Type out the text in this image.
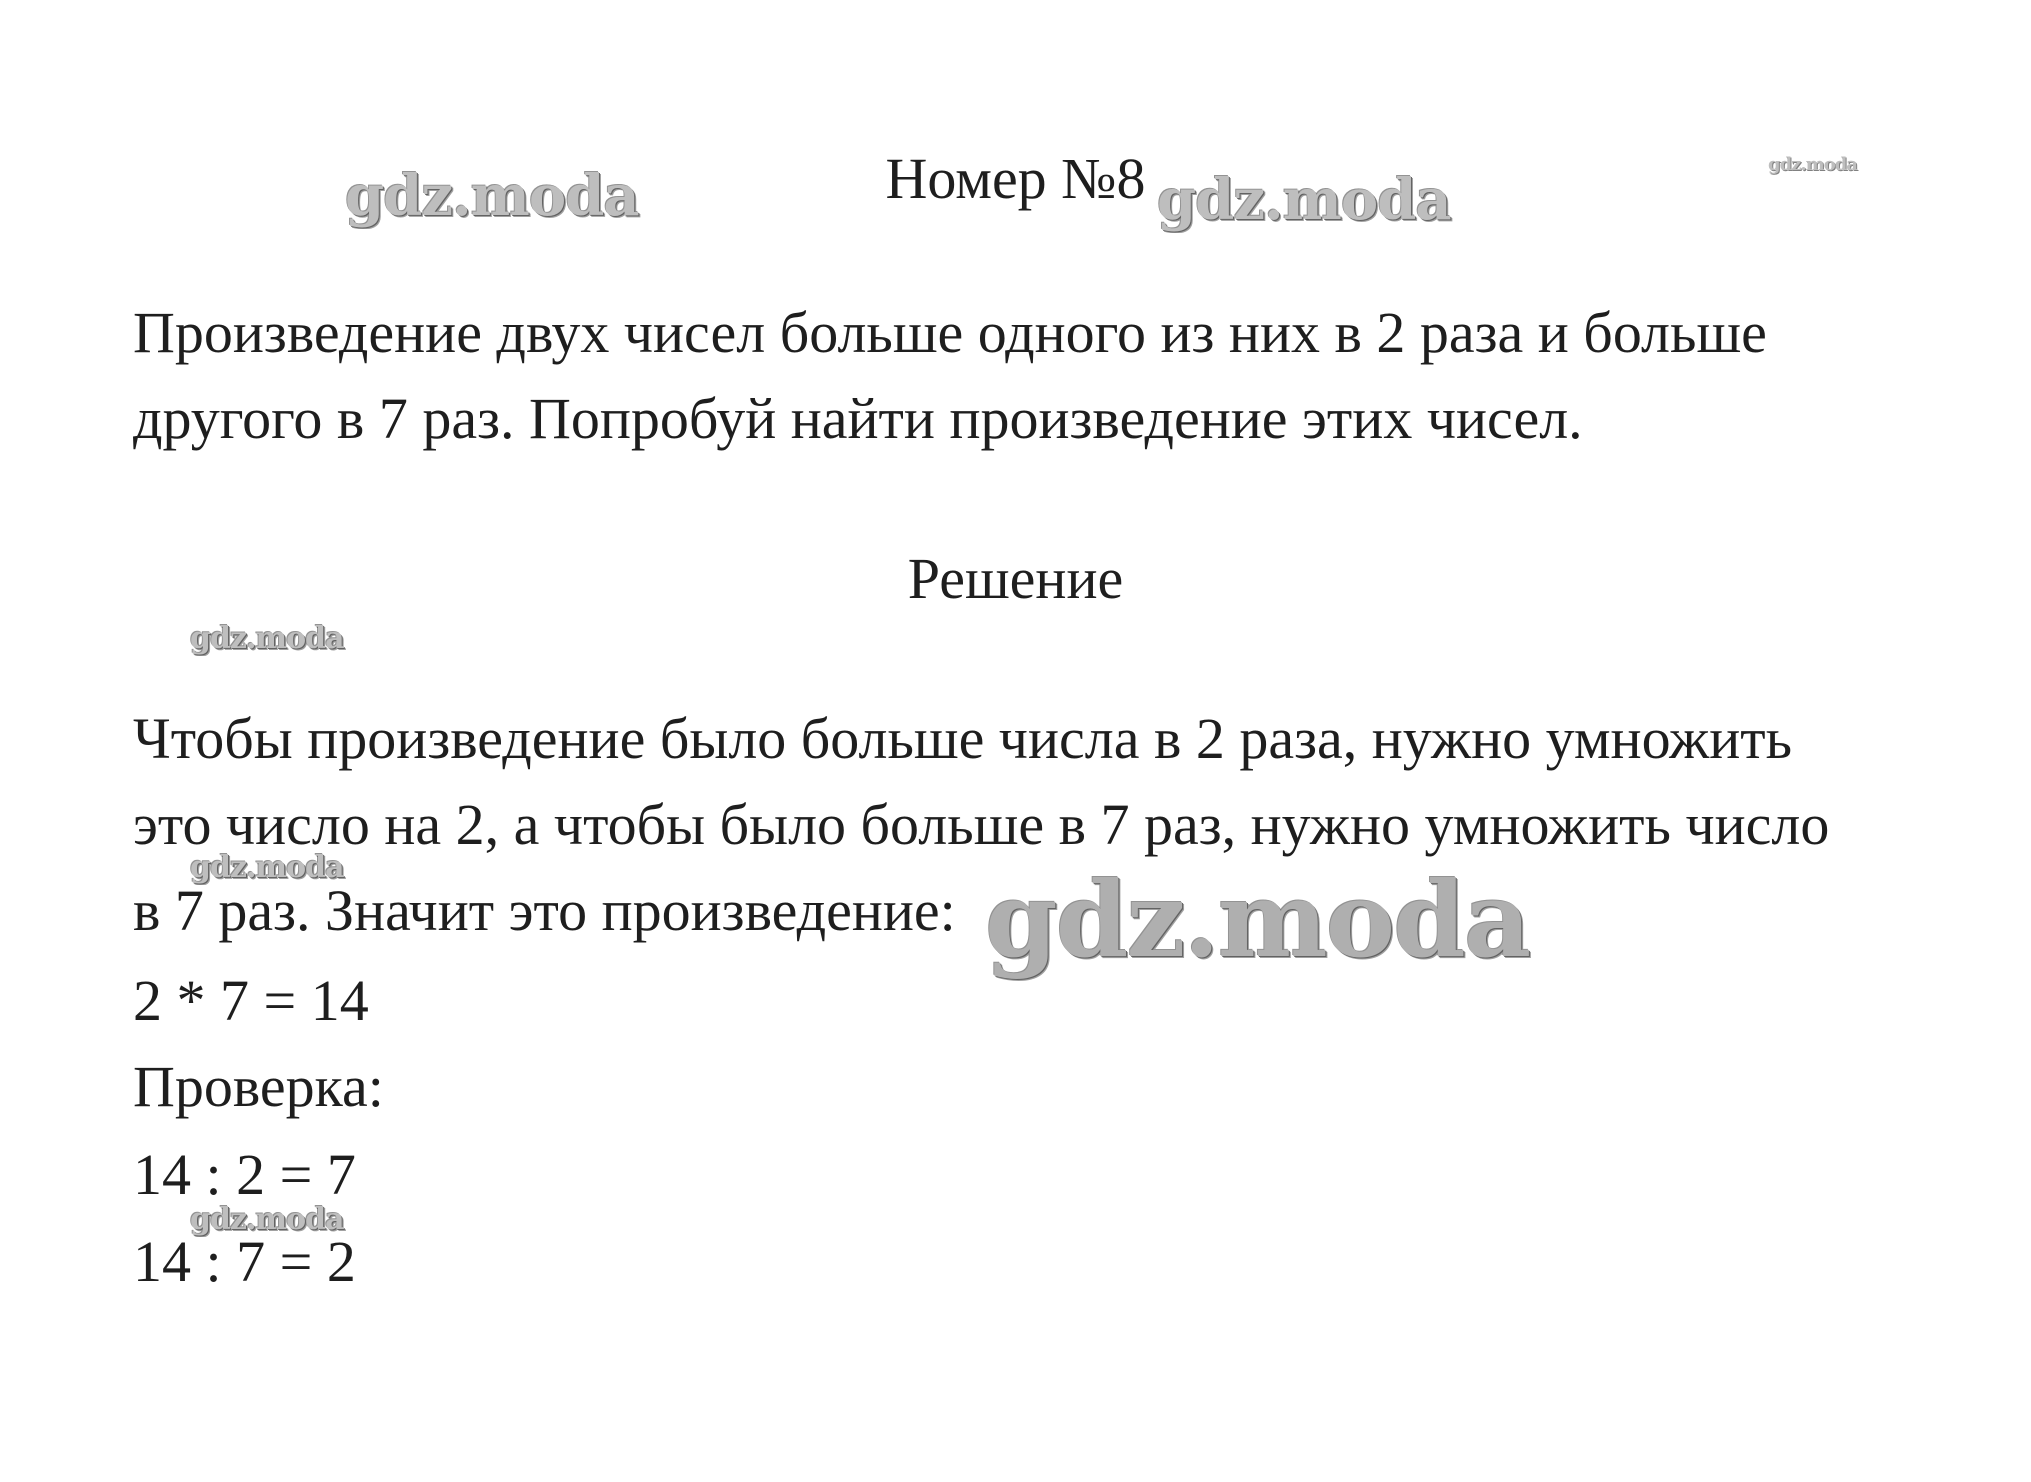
Номер №8
Произведение двух чисел больше одного из них в 2 раза и больше
другого в 7 раз. Попробуй найти произведение этих чисел.
Решение
Чтобы произведение было больше числа в 2 раза, нужно умножить
это число на 2, а чтобы было больше в 7 раз, нужно умножить число
в 7 раз. Значит это произведение:
2 * 7 = 14
Проверка:
14 : 2 = 7
14 : 7 = 2
gdz.moda	gdz.moda
gdz.moda
gdz.moda
gdz.moda	gdz.moda
gdz.moda
